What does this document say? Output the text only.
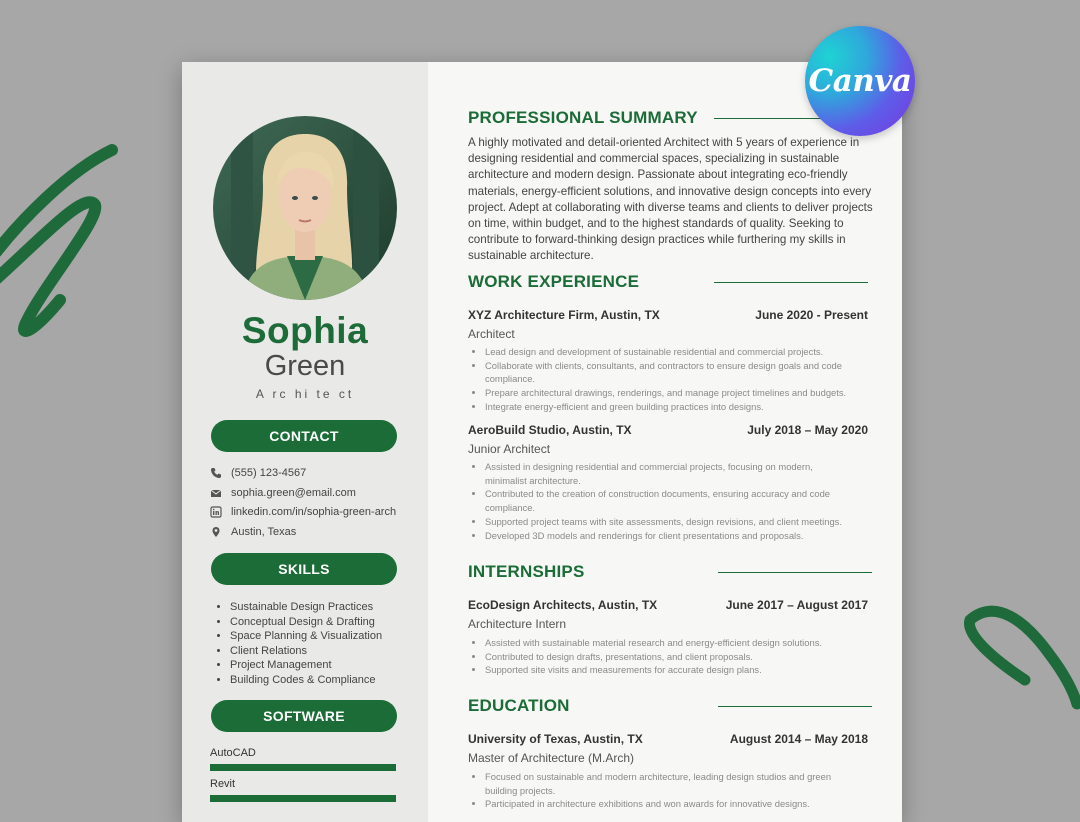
Sophia
Green
A rc hi te ct
CONTACT
(555) 123-4567
sophia.green@email.com
linkedin.com/in/sophia-green-arch
Austin, Texas
SKILLS
• Sustainable Design Practices
• Conceptual Design & Drafting
• Space Planning & Visualization
• Client Relations
• Project Management
• Building Codes & Compliance
SOFTWARE
AutoCAD
Revit
PROFESSIONAL SUMMARY
A highly motivated and detail-oriented Architect with 5 years of experience in designing residential and commercial spaces, specializing in sustainable architecture and modern design. Passionate about integrating eco-friendly materials, energy-efficient solutions, and innovative design concepts into every project. Adept at collaborating with diverse teams and clients to deliver projects on time, within budget, and to the highest standards of quality. Seeking to contribute to forward-thinking design practices while furthering my skills in sustainable architecture.
WORK EXPERIENCE
XYZ Architecture Firm, Austin, TX	June 2020 - Present
Architect
• Lead design and development of sustainable residential and commercial projects.
• Collaborate with clients, consultants, and contractors to ensure design goals and code compliance.
• Prepare architectural drawings, renderings, and manage project timelines and budgets.
• Integrate energy-efficient and green building practices into designs.
AeroBuild Studio, Austin, TX	July 2018 – May 2020
Junior Architect
• Assisted in designing residential and commercial projects, focusing on modern, minimalist architecture.
• Contributed to the creation of construction documents, ensuring accuracy and code compliance.
• Supported project teams with site assessments, design revisions, and client meetings.
• Developed 3D models and renderings for client presentations and proposals.
INTERNSHIPS
EcoDesign Architects, Austin, TX	June 2017 – August 2017
Architecture Intern
• Assisted with sustainable material research and energy-efficient design solutions.
• Contributed to design drafts, presentations, and client proposals.
• Supported site visits and measurements for accurate design plans.
EDUCATION
University of Texas, Austin, TX	August 2014 – May 2018
Master of Architecture (M.Arch)
• Focused on sustainable and modern architecture, leading design studios and green building projects.
• Participated in architecture exhibitions and won awards for innovative designs.
Canva
